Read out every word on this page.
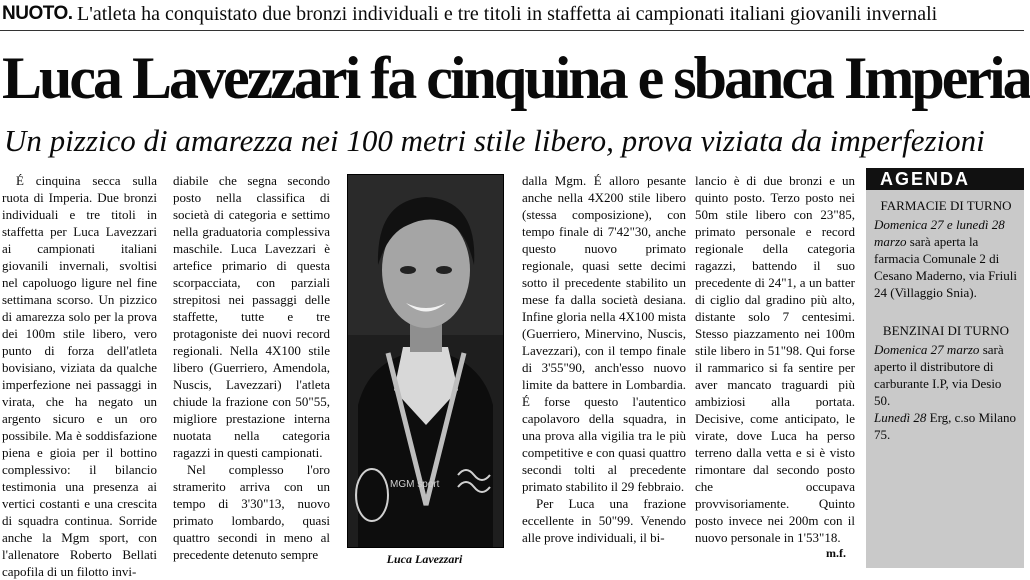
NUOTO. L'atleta ha conquistato due bronzi individuali e tre titoli in staffetta ai campionati italiani giovanili invernali
Luca Lavezzari fa cinquina e sbanca Imperia
Un pizzico di amarezza nei 100 metri stile libero, prova viziata da imperfezioni

É cinquina secca sulla ruota di Imperia. Due bronzi individuali e tre titoli in staffetta per Luca Lavezzari ai campionati italiani giovanili invernali, svoltisi nel capoluogo ligure nel fine settimana scorso. Un pizzico di amarezza solo per la prova dei 100m stile libero, vero punto di forza dell'atleta bovisiano, viziata da qualche imperfezione nei passaggi in virata, che ha negato un argento sicuro e un oro possibile. Ma è soddisfazione piena e gioia per il bottino complessivo: il bilancio testimonia una presenza ai vertici costanti e una crescita di squadra continua. Sorride anche la Mgm sport, con l'allenatore Roberto Bellati capofila di un filotto invi-

diabile che segna secondo posto nella classifica di società di categoria e settimo nella graduatoria complessiva maschile. Luca Lavezzari è artefice primario di questa scorpacciata, con parziali strepitosi nei passaggi delle staffette, tutte e tre protagoniste dei nuovi record regionali. Nella 4X100 stile libero (Guerriero, Amendola, Nuscis, Lavezzari) l'atleta chiude la frazione con 50"55, migliore prestazione interna nuotata nella categoria ragazzi in questi campionati.

Nel complesso l'oro stramerito arriva con un tempo di 3'30"13, nuovo primato lombardo, quasi quattro secondi in meno al precedente detenuto sempre

MGM sport
Luca Lavezzari

dalla Mgm. É alloro pesante anche nella 4X200 stile libero (stessa composizione), con tempo finale di 7'42"30, anche questo nuovo primato regionale, quasi sette decimi sotto il precedente stabilito un mese fa dalla società desiana. Infine gloria nella 4X100 mista (Guerriero, Minervino, Nuscis, Lavezzari), con il tempo finale di 3'55"90, anch'esso nuovo limite da battere in Lombardia. É forse questo l'autentico capolavoro della squadra, in una prova alla vigilia tra le più competitive e con quasi quattro secondi tolti al precedente primato stabilito il 29 febbraio.

Per Luca una frazione eccellente in 50"99. Venendo alle prove individuali, il bi-

lancio è di due bronzi e un quinto posto. Terzo posto nei 50m stile libero con 23"85, primato personale e record regionale della categoria ragazzi, battendo il suo precedente di 24"1, a un batter di ciglio dal gradino più alto, distante solo 7 centesimi. Stesso piazzamento nei 100m stile libero in 51"98. Qui forse il rammarico si fa sentire per aver mancato traguardi più ambiziosi alla portata. Decisive, come anticipato, le virate, dove Luca ha perso terreno dalla vetta e si è visto rimontare dal secondo posto che occupava provvisoriamente. Quinto posto invece nei 200m con il nuovo personale in 1'53"18.

m.f.
AGENDA
FARMACIE DI TURNO

Domenica 27 e lunedì 28 marzo sarà aperta la farmacia Comunale 2 di Cesano Maderno, via Friuli 24 (Villaggio Snia).

BENZINAI DI TURNO

Domenica 27 marzo sarà aperto il distributore di carburante I.P, via Desio 50.

Lunedì 28 Erg, c.so Milano 75.
